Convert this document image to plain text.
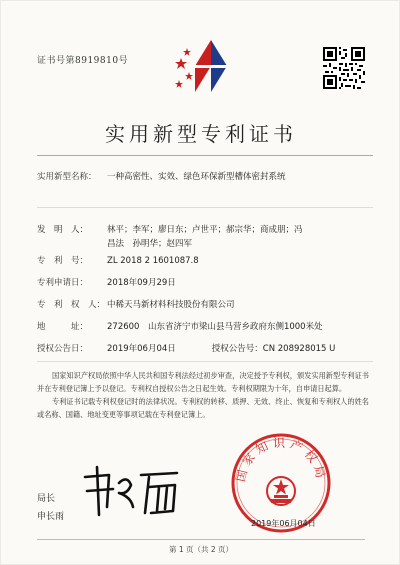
证书号第8919810号
实用新型专利证书
实用新型名称： 一种高密性、实效、绿色环保新型槽体密封系统
发　明　人：	林平；李军；廖日东；卢世平；郝宗华；商成朋；冯昌法　孙明华；赵四军
专　利　号： ZL 2018 2 1601087.8
专利申请日： 2018年09月29日
专　利　权　人： 中稀天马新材料科技股份有限公司
地　　　址： 272600　山东省济宁市梁山县马营乡政府东侧1000米处
授权公告日： 2019年06月04日	授权公告号：CN 208928015 U

国家知识产权局依照中华人民共和国专利法经过初步审查，决定授予专利权，颁发实用新型专利证书并在专利登记簿上予以登记。专利权自授权公告之日起生效。专利权期限为十年，自申请日起算。

专利证书记载专利权登记时的法律状况。专利权的转移、质押、无效、终止、恢复和专利权人的姓名或名称、国籍、地址变更等事项记载在专利登记簿上。

局长
申长雨
国家知识产权局
2019年06月04日
第 1 页（共 2 页）
